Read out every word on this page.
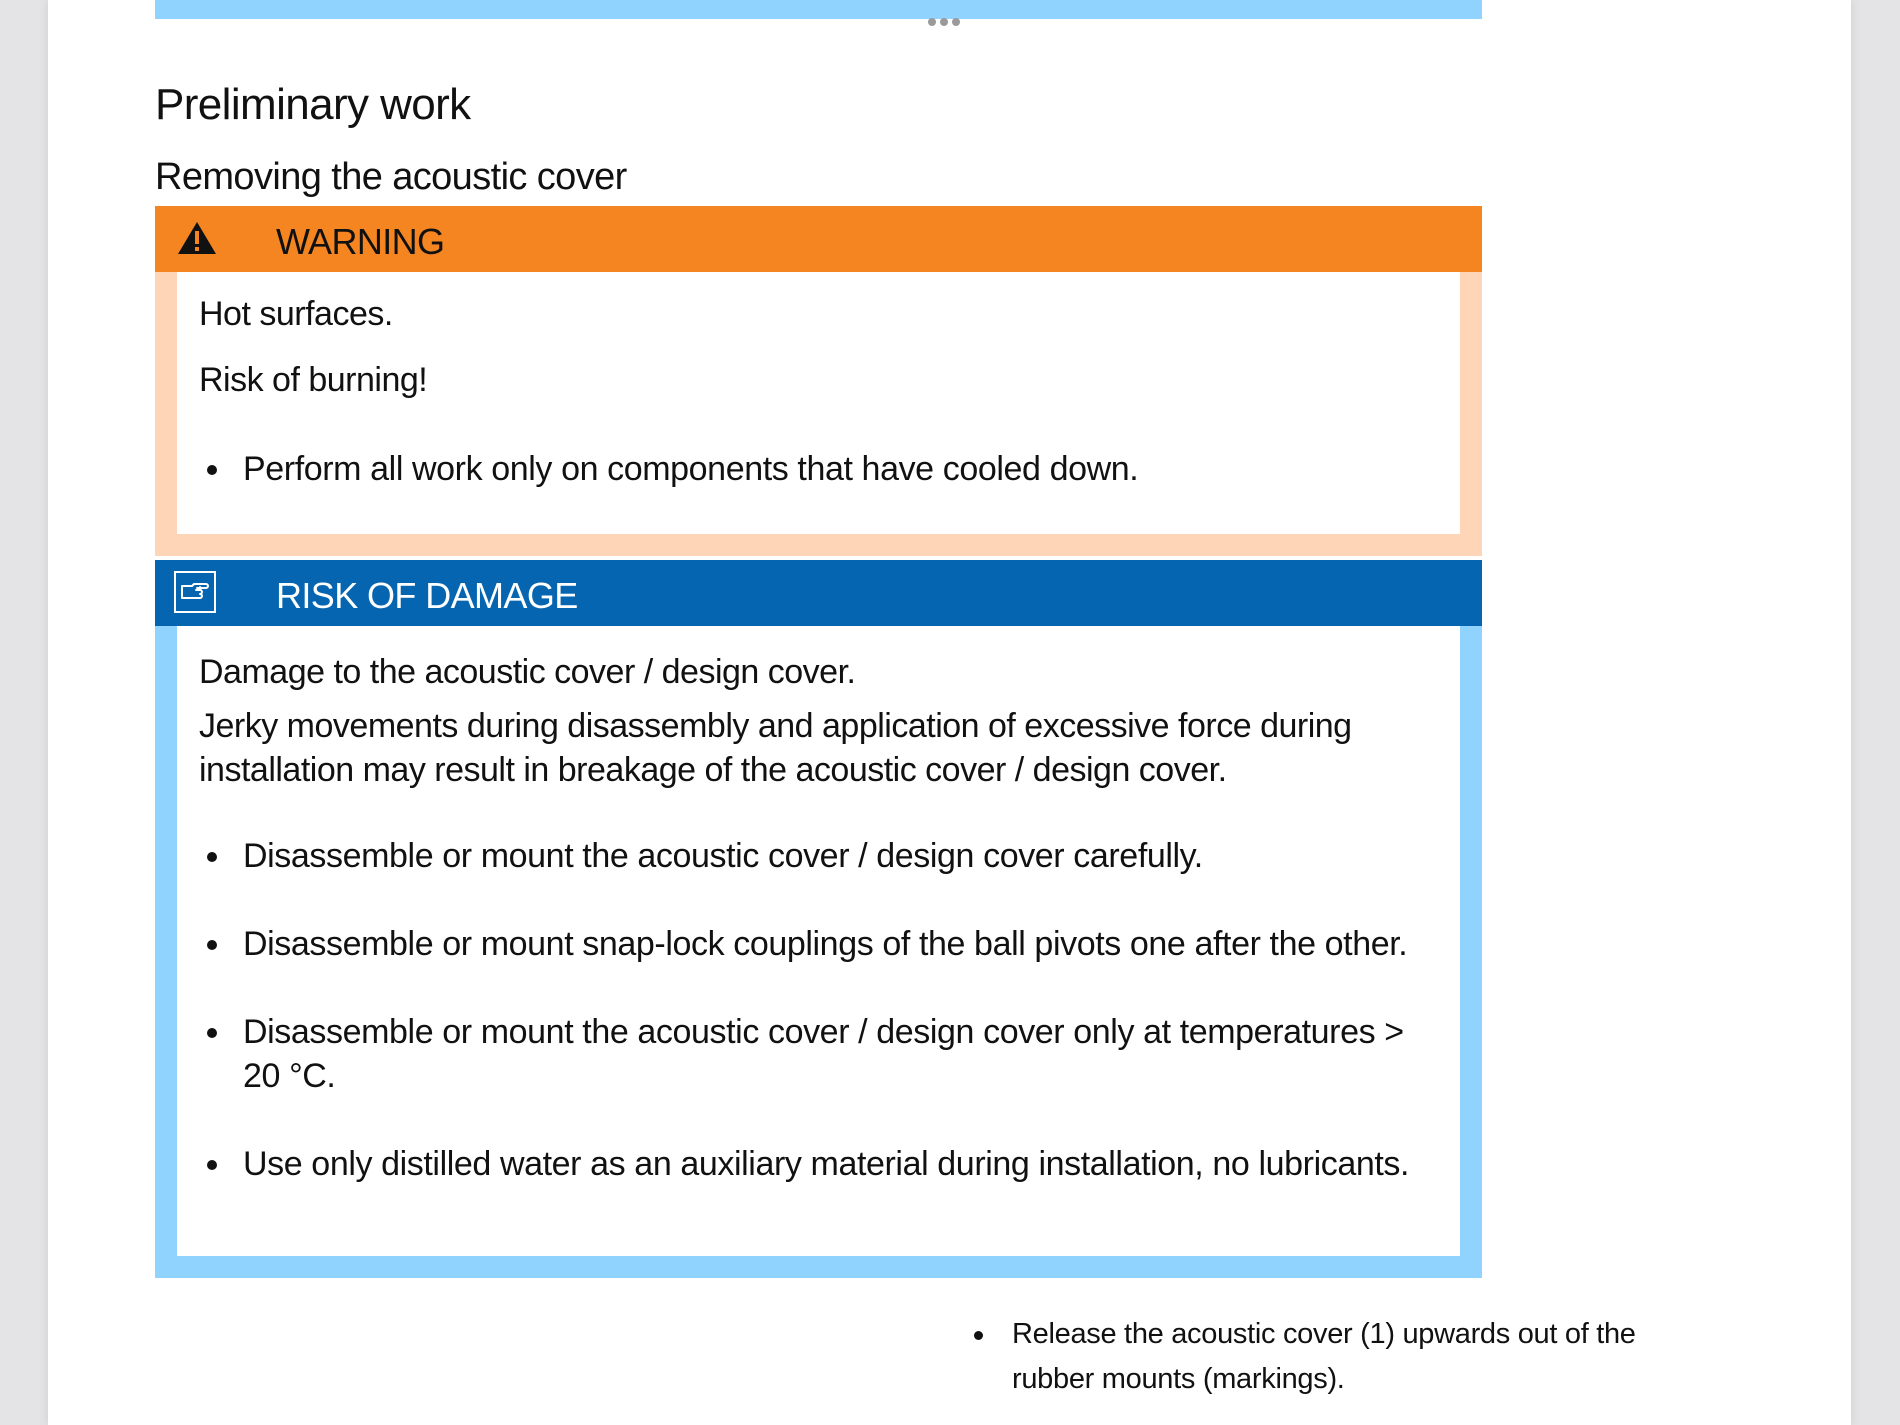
Preliminary work
Removing the acoustic cover
WARNING

Hot surfaces.

Risk of burning!

Perform all work only on components that have cooled down.
RISK OF DAMAGE

Damage to the acoustic cover / design cover.

Jerky movements during disassembly and application of excessive force during installation may result in breakage of the acoustic cover / design cover.

Disassemble or mount the acoustic cover / design cover carefully.
Disassemble or mount snap-lock couplings of the ball pivots one after the other.
Disassemble or mount the acoustic cover / design cover only at temperatures > 20 °C.
Use only distilled water as an auxiliary material during installation, no lubricants.
Release the acoustic cover (1) upwards out of the rubber mounts (markings).
